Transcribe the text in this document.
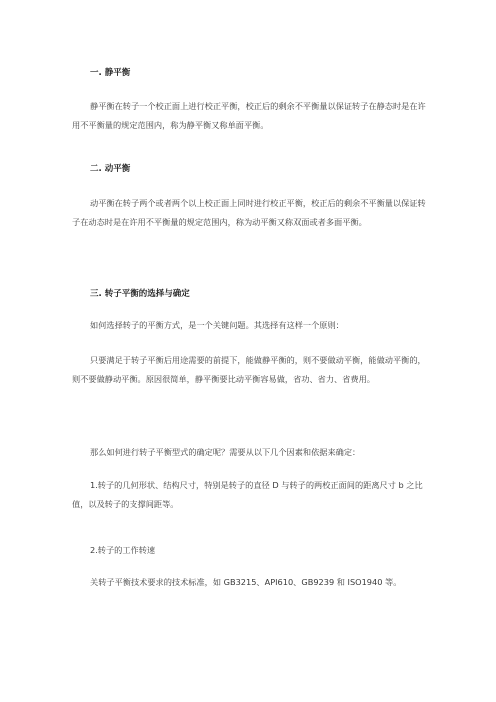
一. 静平衡

静平衡在转子一个校正面上进行校正平衡，校正后的剩余不平衡量以保证转子在静态时是在许用不平衡量的规定范围内，称为静平衡又称单面平衡。

二. 动平衡

动平衡在转子两个或者两个以上校正面上同时进行校正平衡，校正后的剩余不平衡量以保证转子在动态时是在许用不平衡量的规定范围内，称为动平衡又称双面或者多面平衡。

三. 转子平衡的选择与确定

如何选择转子的平衡方式，是一个关键问题。其选择有这样一个原则：

只要满足于转子平衡后用途需要的前提下，能做静平衡的，则不要做动平衡，能做动平衡的，则不要做静动平衡。原因很简单，静平衡要比动平衡容易做，省功、省力、省费用。

那么如何进行转子平衡型式的确定呢？需要从以下几个因素和依据来确定：

1.转子的几何形状、结构尺寸，特别是转子的直径 D 与转子的两校正面间的距离尺寸 b 之比值，以及转子的支撑间距等。

2.转子的工作转速

关转子平衡技术要求的技术标准，如 GB3215、API610、GB9239 和 ISO1940 等。
